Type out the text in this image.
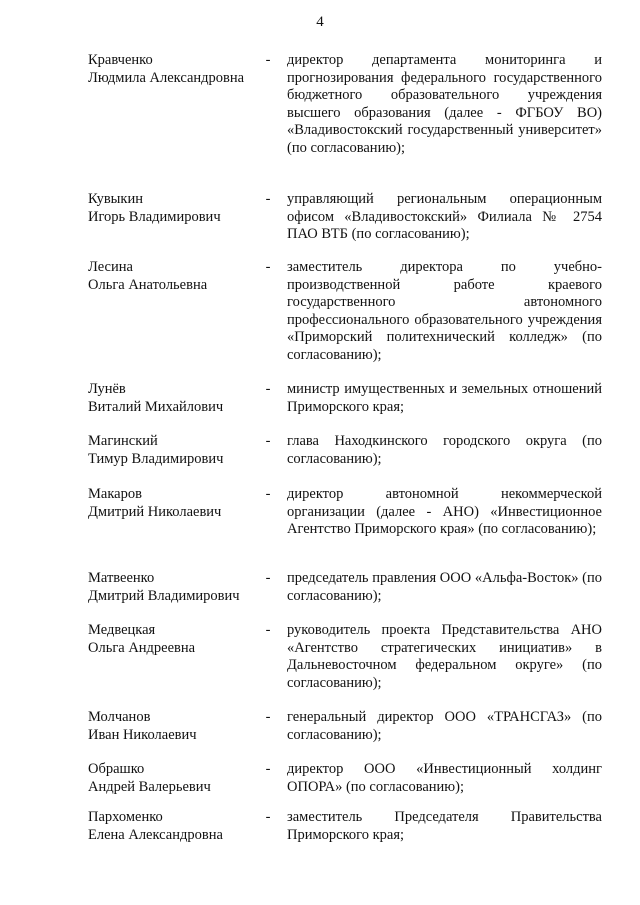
4
Кравченко
Людмила Александровна
- директор департамента мониторинга и прогнозирования федерального государственного бюджетного образовательного учреждения высшего образования (далее - ФГБОУ ВО) «Владивостокский государственный университет» (по согласованию);
Кувыкин
Игорь Владимирович
- управляющий региональным операционным офисом «Владивостокский» Филиала № 2754 ПАО ВТБ (по согласованию);
Лесина
Ольга Анатольевна
- заместитель директора по учебно-производственной работе краевого государственного автономного профессионального образовательного учреждения «Приморский политехнический колледж» (по согласованию);
Лунёв
Виталий Михайлович
- министр имущественных и земельных отношений Приморского края;
Магинский
Тимур Владимирович
- глава Находкинского городского округа (по согласованию);
Макаров
Дмитрий Николаевич
- директор автономной некоммерческой организации (далее - АНО) «Инвестиционное Агентство Приморского края» (по согласованию);
Матвеенко
Дмитрий Владимирович
- председатель правления ООО «Альфа-Восток» (по согласованию);
Медвецкая
Ольга Андреевна
- руководитель проекта Представительства АНО «Агентство стратегических инициатив» в Дальневосточном федеральном округе» (по согласованию);
Молчанов
Иван Николаевич
- генеральный директор ООО «ТРАНСГАЗ» (по согласованию);
Обрашко
Андрей Валерьевич
- директор ООО «Инвестиционный холдинг ОПОРА» (по согласованию);
Пархоменко
Елена Александровна
- заместитель Председателя Правительства Приморского края;
